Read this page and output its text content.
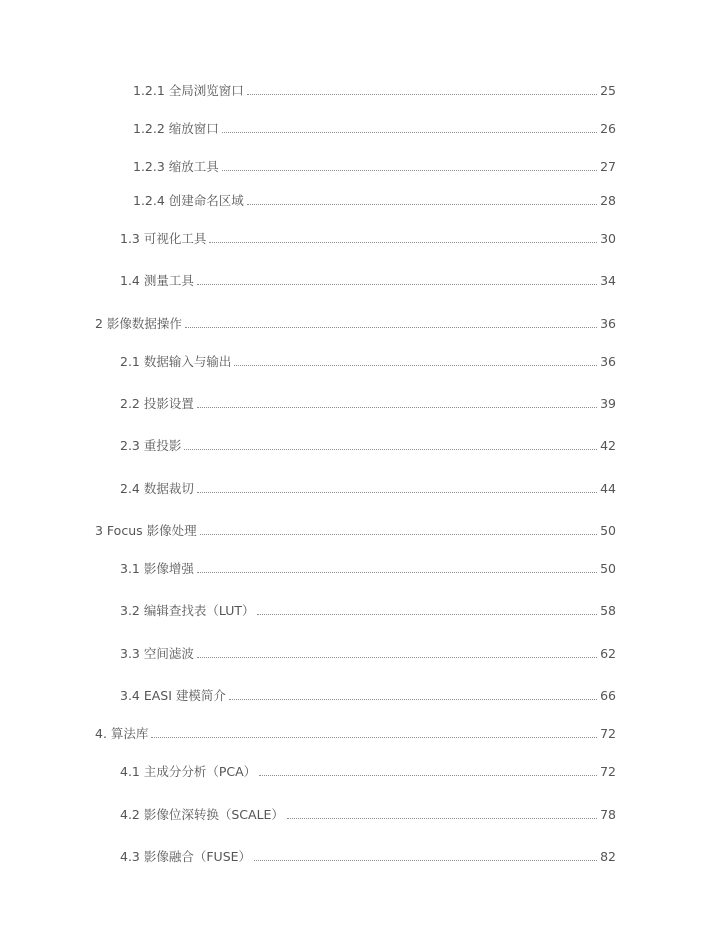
1.2.1 全局浏览窗口	25
1.2.2 缩放窗口	26
1.2.3 缩放工具	27
1.2.4 创建命名区域	28
1.3 可视化工具	30
1.4 测量工具	34
2 影像数据操作	36
2.1 数据输入与输出	36
2.2 投影设置	39
2.3 重投影	42
2.4 数据裁切	44
3 Focus 影像处理	50
3.1 影像增强	50
3.2 编辑查找表（LUT）	58
3.3 空间滤波	62
3.4 EASI 建模简介	66
4. 算法库	72
4.1 主成分分析（PCA）	72
4.2 影像位深转换（SCALE）	78
4.3 影像融合（FUSE）	82
